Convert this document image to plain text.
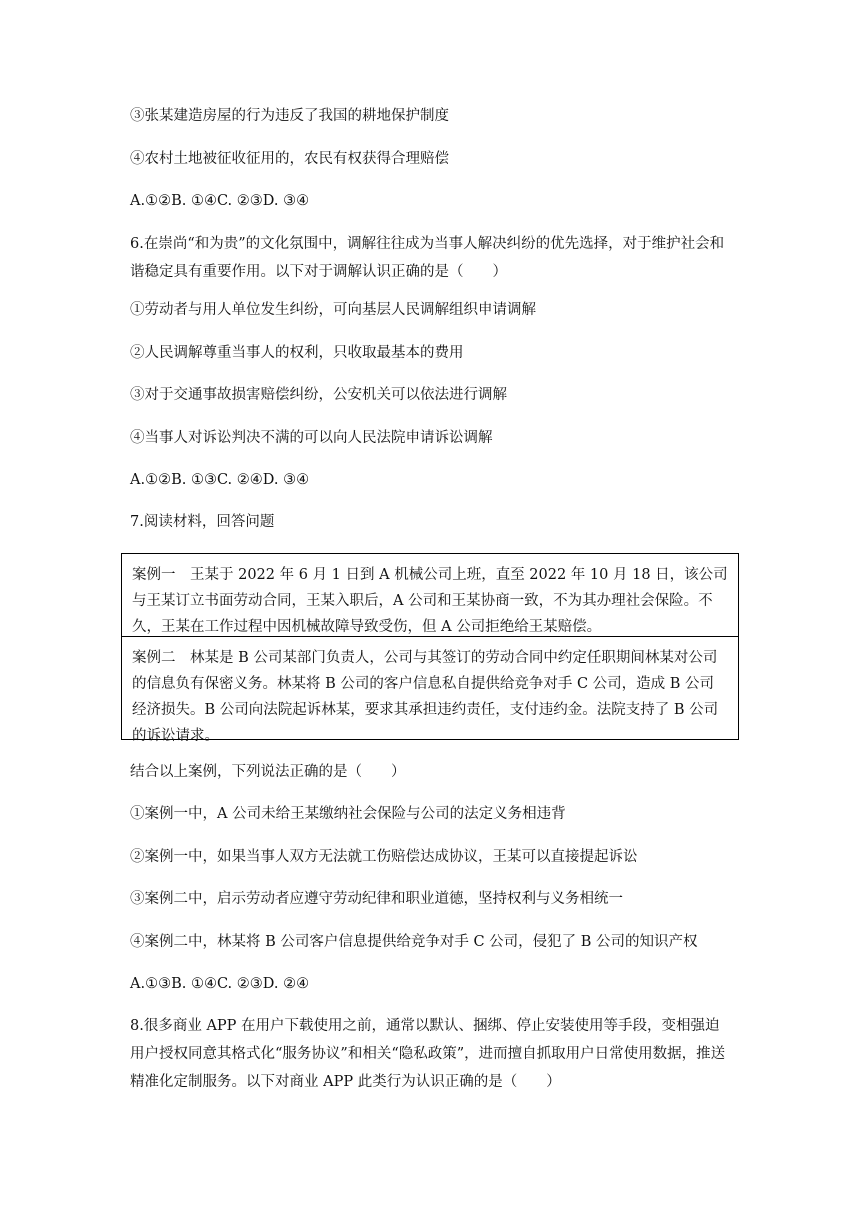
③张某建造房屋的行为违反了我国的耕地保护制度
④农村土地被征收征用的，农民有权获得合理赔偿
A.①②B. ①④C. ②③D. ③④
6.在崇尚“和为贵”的文化氛围中，调解往往成为当事人解决纠纷的优先选择，对于维护社会和谐稳定具有重要作用。以下对于调解认识正确的是（　　）
①劳动者与用人单位发生纠纷，可向基层人民调解组织申请调解
②人民调解尊重当事人的权利，只收取最基本的费用
③对于交通事故损害赔偿纠纷，公安机关可以依法进行调解
④当事人对诉讼判决不满的可以向人民法院申请诉讼调解
A.①②B. ①③C. ②④D. ③④
7.阅读材料，回答问题
案例一　王某于 2022 年 6 月 1 日到 A 机械公司上班，直至 2022 年 10 月 18 日，该公司与王某订立书面劳动合同，王某入职后，A 公司和王某协商一致，不为其办理社会保险。不久，王某在工作过程中因机械故障导致受伤，但 A 公司拒绝给王某赔偿。
案例二　林某是 B 公司某部门负责人，公司与其签订的劳动合同中约定任职期间林某对公司的信息负有保密义务。林某将 B 公司的客户信息私自提供给竞争对手 C 公司，造成 B 公司经济损失。B 公司向法院起诉林某，要求其承担违约责任，支付违约金。法院支持了 B 公司的诉讼请求。
结合以上案例，下列说法正确的是（　　）
①案例一中，A 公司未给王某缴纳社会保险与公司的法定义务相违背
②案例一中，如果当事人双方无法就工伤赔偿达成协议，王某可以直接提起诉讼
③案例二中，启示劳动者应遵守劳动纪律和职业道德，坚持权利与义务相统一
④案例二中，林某将 B 公司客户信息提供给竞争对手 C 公司，侵犯了 B 公司的知识产权
A.①③B. ①④C. ②③D. ②④
8.很多商业 APP 在用户下载使用之前，通常以默认、捆绑、停止安装使用等手段，变相强迫用户授权同意其格式化“服务协议”和相关“隐私政策”，进而擅自抓取用户日常使用数据，推送精准化定制服务。以下对商业 APP 此类行为认识正确的是（　　）
